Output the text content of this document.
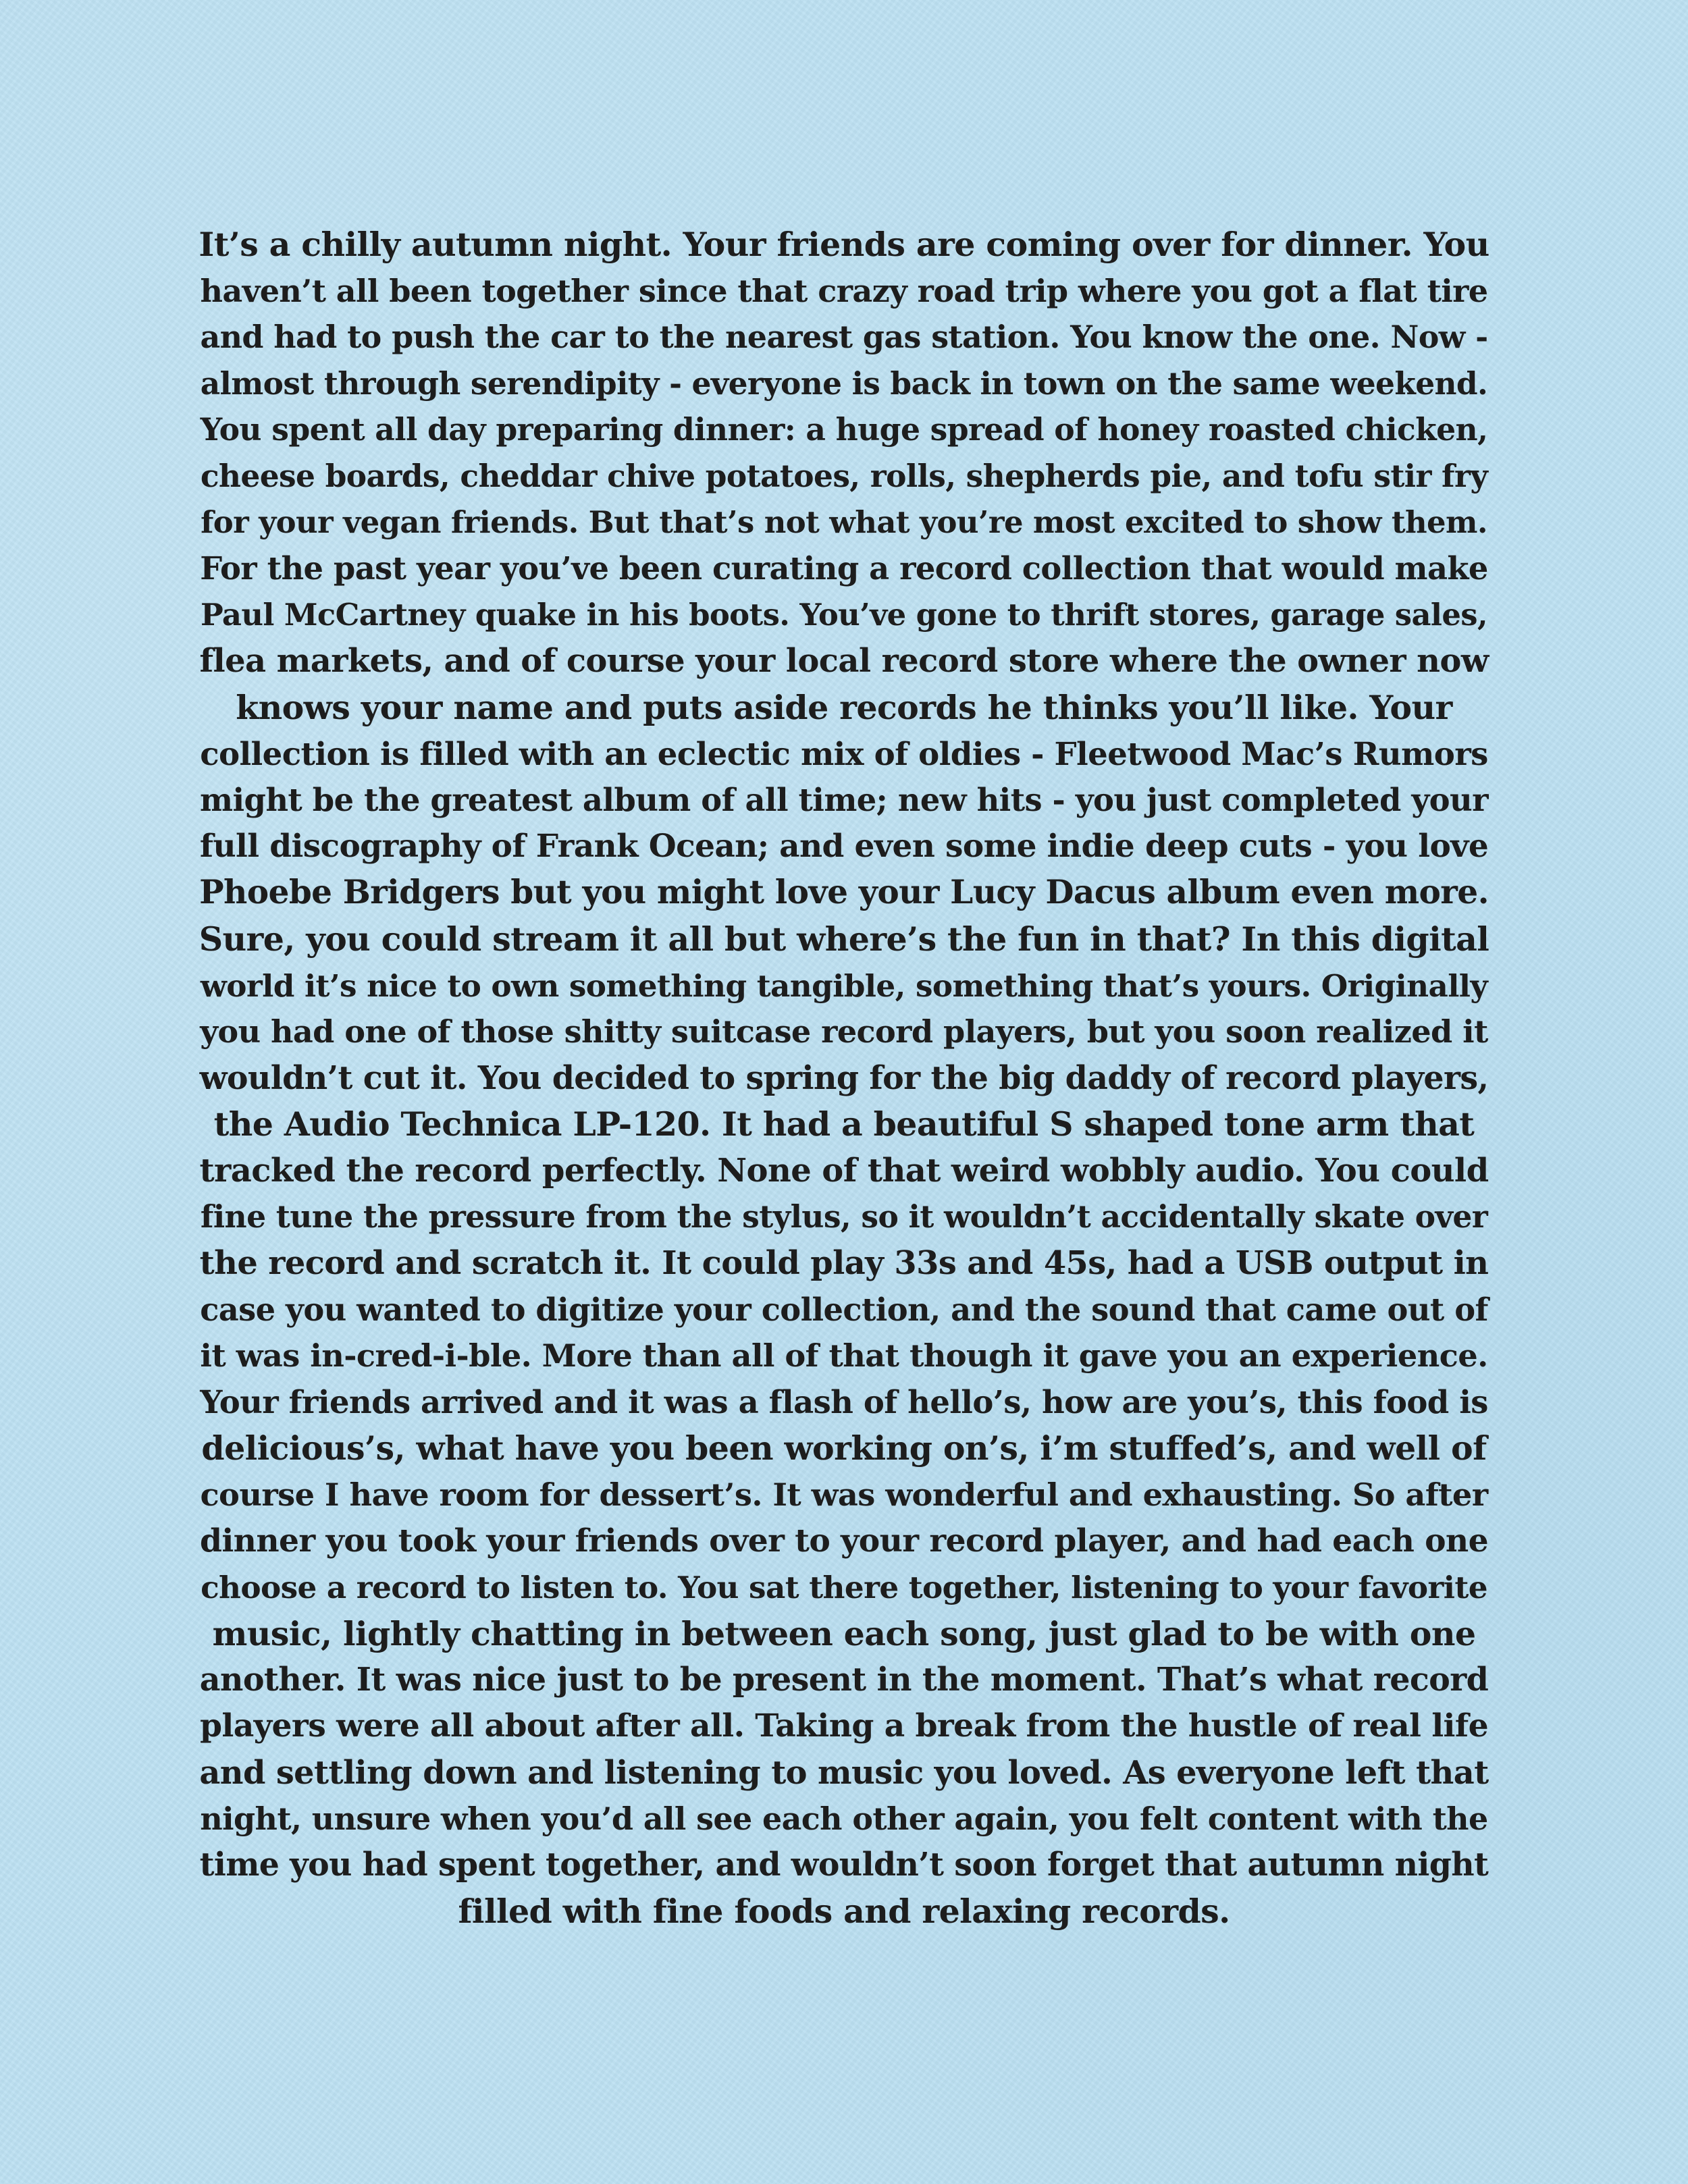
It’s a chilly autumn night. Your friends are coming over for dinner. You
haven’t all been together since that crazy road trip where you got a flat tire
and had to push the car to the nearest gas station. You know the one. Now -
almost through serendipity - everyone is back in town on the same weekend.
You spent all day preparing dinner: a huge spread of honey roasted chicken,
cheese boards, cheddar chive potatoes, rolls, shepherds pie, and tofu stir fry
for your vegan friends. But that’s not what you’re most excited to show them.
For the past year you’ve been curating a record collection that would make
Paul McCartney quake in his boots. You’ve gone to thrift stores, garage sales,
flea markets, and of course your local record store where the owner now
knows your name and puts aside records he thinks you’ll like. Your
collection is filled with an eclectic mix of oldies - Fleetwood Mac’s Rumors
might be the greatest album of all time; new hits - you just completed your
full discography of Frank Ocean; and even some indie deep cuts - you love
Phoebe Bridgers but you might love your Lucy Dacus album even more.
Sure, you could stream it all but where’s the fun in that? In this digital
world it’s nice to own something tangible, something that’s yours. Originally
you had one of those shitty suitcase record players, but you soon realized it
wouldn’t cut it. You decided to spring for the big daddy of record players,
the Audio Technica LP-120. It had a beautiful S shaped tone arm that
tracked the record perfectly. None of that weird wobbly audio. You could
fine tune the pressure from the stylus, so it wouldn’t accidentally skate over
the record and scratch it. It could play 33s and 45s, had a USB output in
case you wanted to digitize your collection, and the sound that came out of
it was in-cred-i-ble. More than all of that though it gave you an experience.
Your friends arrived and it was a flash of hello’s, how are you’s, this food is
delicious’s, what have you been working on’s, i’m stuffed’s, and well of
course I have room for dessert’s. It was wonderful and exhausting. So after
dinner you took your friends over to your record player, and had each one
choose a record to listen to. You sat there together, listening to your favorite
music, lightly chatting in between each song, just glad to be with one
another. It was nice just to be present in the moment. That’s what record
players were all about after all. Taking a break from the hustle of real life
and settling down and listening to music you loved. As everyone left that
night, unsure when you’d all see each other again, you felt content with the
time you had spent together, and wouldn’t soon forget that autumn night
filled with fine foods and relaxing records.
